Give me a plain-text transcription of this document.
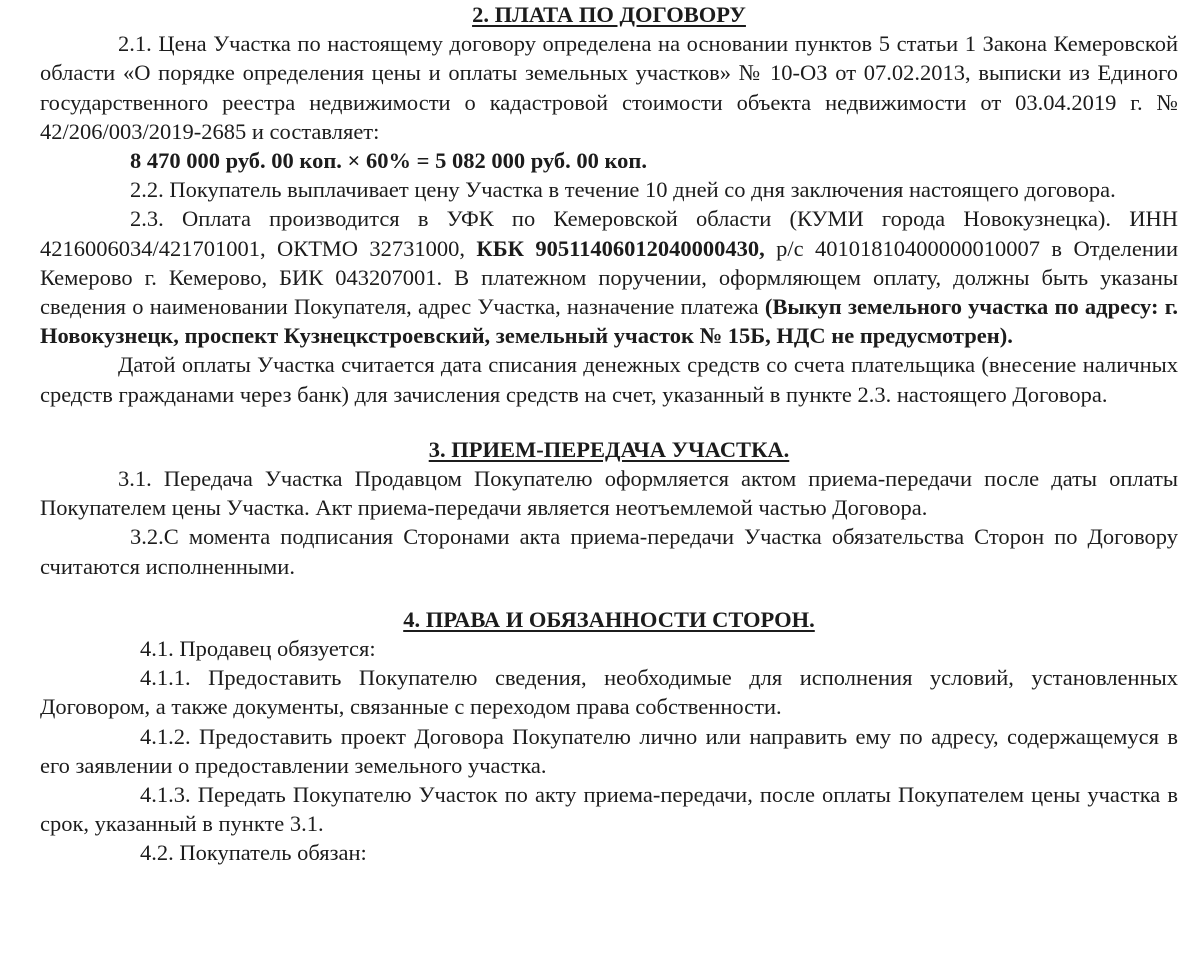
2. ПЛАТА ПО ДОГОВОРУ

2.1. Цена Участка по настоящему договору определена на основании пунктов 5 статьи 1 Закона Кемеровской области «О порядке определения цены и оплаты земельных участков» № 10-ОЗ от 07.02.2013, выписки из Единого государственного реестра недвижимости о кадастровой стоимости объекта недвижимости от 03.04.2019 г. № 42/206/003/2019-2685 и составляет:

8 470 000 руб. 00 коп. × 60% = 5 082 000 руб. 00 коп.

2.2. Покупатель выплачивает цену Участка в течение 10 дней со дня заключения настоящего договора.

2.3. Оплата производится в УФК по Кемеровской области (КУМИ города Новокузнецка). ИНН 4216006034/421701001, ОКТМО 32731000, КБК 90511406012040000430, р/с 40101810400000010007 в Отделении Кемерово г. Кемерово, БИК 043207001. В платежном поручении, оформляющем оплату, должны быть указаны сведения о наименовании Покупателя, адрес Участка, назначение платежа (Выкуп земельного участка по адресу: г. Новокузнецк, проспект Кузнецкстроевский, земельный участок № 15Б, НДС не предусмотрен).

Датой оплаты Участка считается дата списания денежных средств со счета плательщика (внесение наличных средств гражданами через банк) для зачисления средств на счет, указанный в пункте 2.3. настоящего Договора.

3. ПРИЕМ-ПЕРЕДАЧА УЧАСТКА.

3.1. Передача Участка Продавцом Покупателю оформляется актом приема-передачи после даты оплаты Покупателем цены Участка. Акт приема-передачи является неотъемлемой частью Договора.

3.2.С момента подписания Сторонами акта приема-передачи Участка обязательства Сторон по Договору считаются исполненными.

4. ПРАВА И ОБЯЗАННОСТИ СТОРОН.

4.1. Продавец обязуется:

4.1.1. Предоставить Покупателю сведения, необходимые для исполнения условий, установленных Договором, а также документы, связанные с переходом права собственности.

4.1.2. Предоставить проект Договора Покупателю лично или направить ему по адресу, содержащемуся в его заявлении о предоставлении земельного участка.

4.1.3. Передать Покупателю Участок по акту приема-передачи, после оплаты Покупателем цены участка в срок, указанный в пункте 3.1.

4.2. Покупатель обязан:
